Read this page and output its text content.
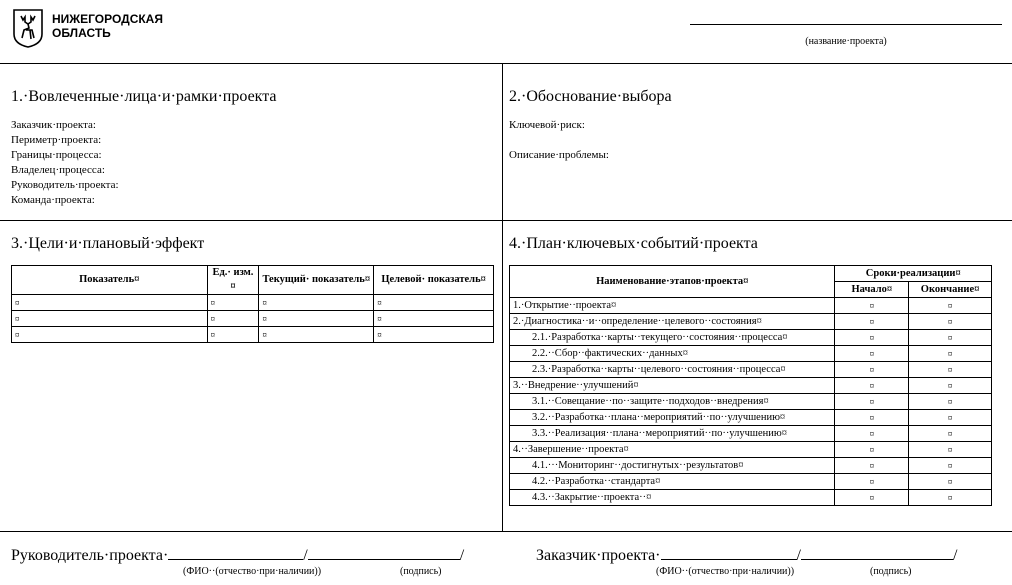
НИЖЕГОРОДСКАЯ
ОБЛАСТЬ
(название·проекта)
1.·Вовлеченные·лица·и·рамки·проекта
Заказчик·проекта:
Периметр·проекта:
Границы·процесса:
Владелец·процесса:
Руководитель·проекта:
Команда·проекта:
2.·Обоснование·выбора
Ключевой·риск:
Описание·проблемы:
3.·Цели·и·плановый·эффект
Показатель¤	Ед.· изм.¤	Текущий· показатель¤	Целевой· показатель¤
¤	¤	¤	¤
¤	¤	¤	¤
¤	¤	¤	¤
4.·План·ключевых·событий·проекта
Наименование·этапов·проекта¤	Сроки·реализации¤	
	Начало¤	Окончание¤
1.·Открытие··проекта¤	¤	¤
2.·Диагностика··и··определение··целевого··состояния¤	¤	¤
2.1.·Разработка··карты··текущего··состояния··процесса¤	¤	¤
2.2.··Сбор··фактических··данных¤	¤	¤
2.3.·Разработка··карты··целевого··состояния··процесса¤	¤	¤
3.··Внедрение··улучшений¤	¤	¤
3.1.··Совещание··по··защите··подходов··внедрения¤	¤	¤
3.2.··Разработка··плана··мероприятий··по··улучшению¤	¤	¤
3.3.··Реализация··плана··мероприятий··по··улучшению¤	¤	¤
4.··Завершение··проекта¤	¤	¤
4.1.···Мониторинг··достигнутых··результатов¤	¤	¤
4.2.··Разработка··стандарта¤	¤	¤
4.3.··Закрытие··проекта··¤	¤	¤
Руководитель·проекта·	/	/
(ФИО··(отчество·при·наличии))	(подпись)
Заказчик·проекта·	/	/
(ФИО··(отчество·при·наличии))	(подпись)
